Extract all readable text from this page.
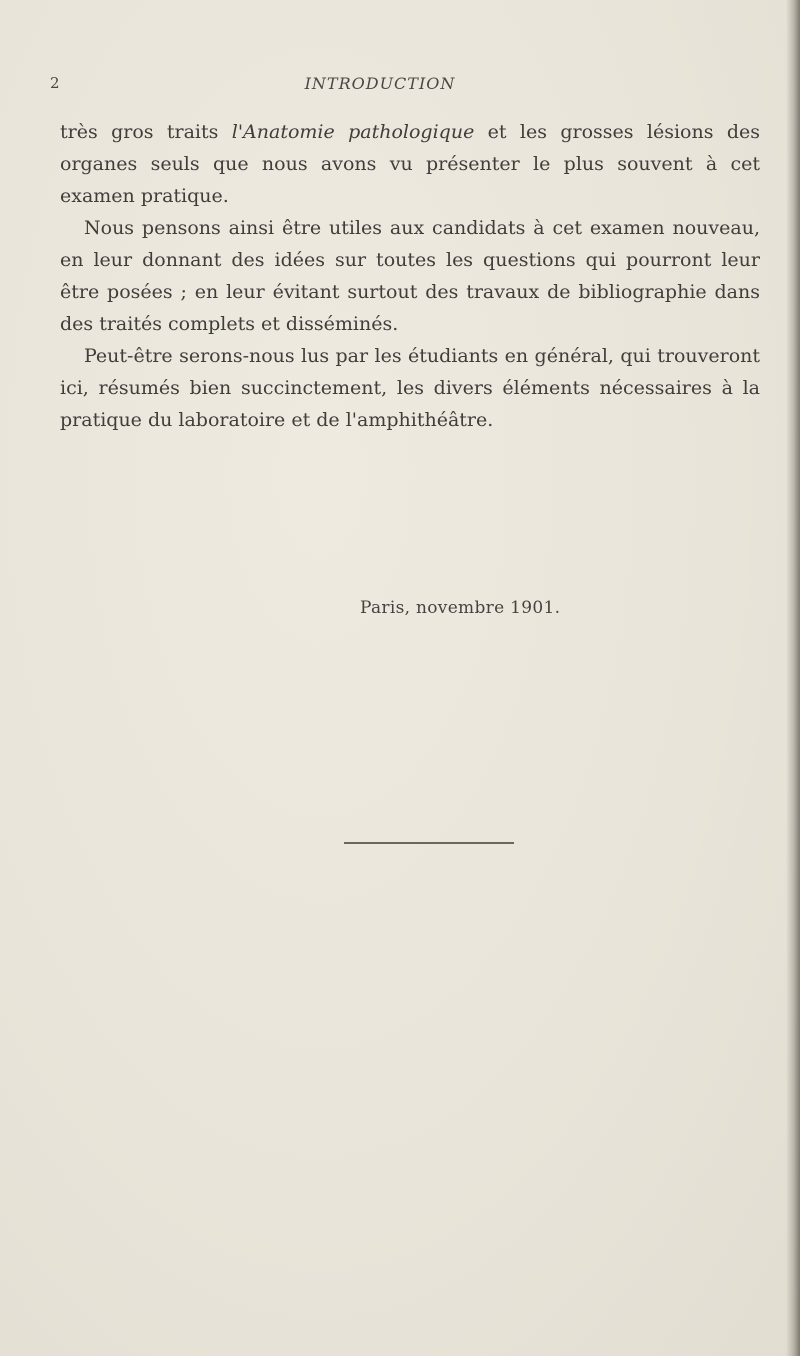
2	INTRODUCTION

très gros traits l'Anatomie pathologique et les grosses lésions des organes seuls que nous avons vu présenter le plus souvent à cet examen pratique.

Nous pensons ainsi être utiles aux candidats à cet examen nouveau, en leur donnant des idées sur toutes les questions qui pourront leur être posées ; en leur évitant surtout des travaux de bibliographie dans des traités complets et disséminés.

Peut-être serons-nous lus par les étudiants en général, qui trouveront ici, résumés bien succinctement, les divers éléments nécessaires à la pratique du laboratoire et de l'amphithéâtre.

Paris, novembre 1901.
